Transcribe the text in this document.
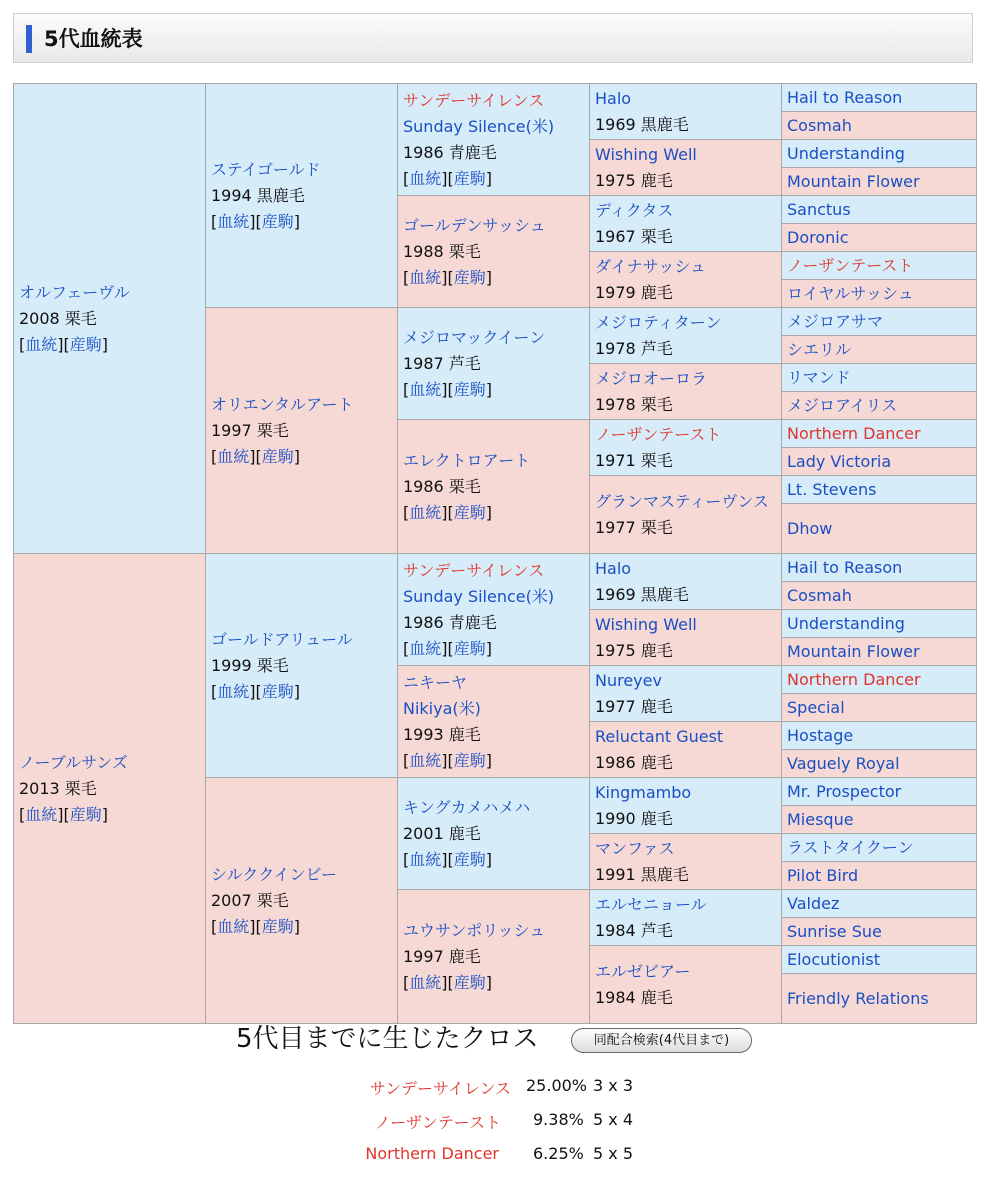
5代血統表
オルフェーヴル
2008 栗毛
[血統][産駒]	ステイゴールド
1994 黒鹿毛
[血統][産駒]	サンデーサイレンス
Sunday Silence(米)
1986 青鹿毛
[血統][産駒]	Halo
1969 黒鹿毛	Hail to Reason

				Cosmah

			Wishing Well
1975 鹿毛	Understanding

				Mountain Flower

		ゴールデンサッシュ
1988 栗毛
[血統][産駒]	ディクタス
1967 栗毛	Sanctus

				Doronic

			ダイナサッシュ
1979 鹿毛	ノーザンテースト

				ロイヤルサッシュ

	オリエンタルアート
1997 栗毛
[血統][産駒]	メジロマックイーン
1987 芦毛
[血統][産駒]	メジロティターン
1978 芦毛	メジロアサマ

				シエリル

			メジロオーロラ
1978 栗毛	リマンド

				メジロアイリス

		エレクトロアート
1986 栗毛
[血統][産駒]	ノーザンテースト
1971 栗毛	Northern Dancer

				Lady Victoria

			グランマスティーヴンス
1977 栗毛	Lt. Stevens

				Dhow

ノーブルサンズ
2013 栗毛
[血統][産駒]	ゴールドアリュール
1999 栗毛
[血統][産駒]	サンデーサイレンス
Sunday Silence(米)
1986 青鹿毛
[血統][産駒]	Halo
1969 黒鹿毛	Hail to Reason

				Cosmah

			Wishing Well
1975 鹿毛	Understanding

				Mountain Flower

		ニキーヤ
Nikiya(米)
1993 鹿毛
[血統][産駒]	Nureyev
1977 鹿毛	Northern Dancer

				Special

			Reluctant Guest
1986 鹿毛	Hostage

				Vaguely Royal

	シルククインビー
2007 栗毛
[血統][産駒]	キングカメハメハ
2001 鹿毛
[血統][産駒]	Kingmambo
1990 鹿毛	Mr. Prospector

				Miesque

			マンファス
1991 黒鹿毛	ラストタイクーン

				Pilot Bird

		ユウサンポリッシュ
1997 鹿毛
[血統][産駒]	エルセニョール
1984 芦毛	Valdez

				Sunrise Sue

			エルゼビアー
1984 鹿毛	Elocutionist

				Friendly Relations
5代目までに生じたクロス	同配合検索(4代目まで)
サンデーサイレンス 25.00% 3 x 3
ノーザンテースト 9.38% 5 x 4
Northern Dancer 6.25% 5 x 5
